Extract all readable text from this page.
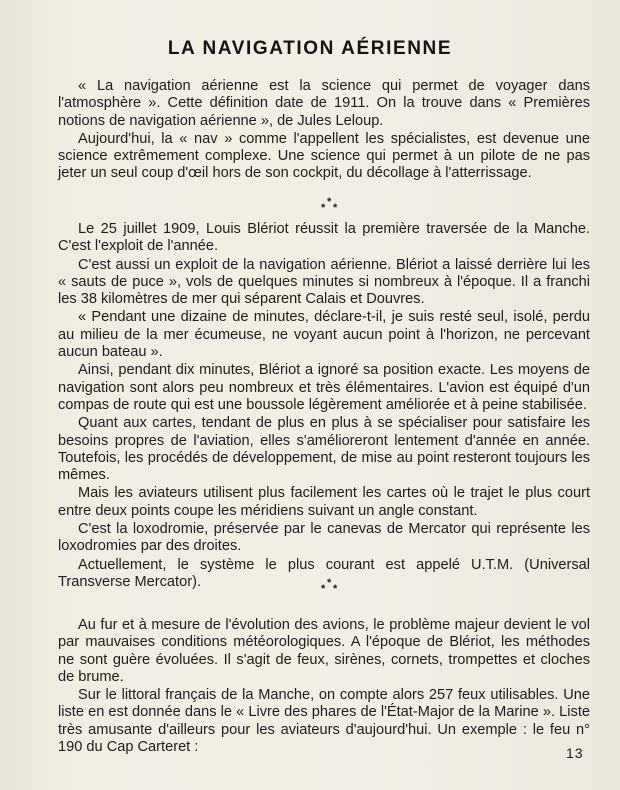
LA NAVIGATION AÉRIENNE

« La navigation aérienne est la science qui permet de voyager dans l'atmosphère ». Cette définition date de 1911. On la trouve dans « Premières notions de navigation aérienne », de Jules Leloup.

Aujourd'hui, la « nav » comme l'appellent les spécialistes, est devenue une science extrêmement complexe. Une science qui permet à un pilote de ne pas jeter un seul coup d'œil hors de son cockpit, du décollage à l'atterrissage.

*
* *

Le 25 juillet 1909, Louis Blériot réussit la première traversée de la Manche. C'est l'exploit de l'année.

C'est aussi un exploit de la navigation aérienne. Blériot a laissé derrière lui les « sauts de puce », vols de quelques minutes si nombreux à l'époque. Il a franchi les 38 kilomètres de mer qui séparent Calais et Douvres.

« Pendant une dizaine de minutes, déclare-t-il, je suis resté seul, isolé, perdu au milieu de la mer écumeuse, ne voyant aucun point à l'horizon, ne percevant aucun bateau ».

Ainsi, pendant dix minutes, Blériot a ignoré sa position exacte. Les moyens de navigation sont alors peu nombreux et très élémentaires. L'avion est équipé d'un compas de route qui est une boussole légèrement améliorée et à peine stabilisée.

Quant aux cartes, tendant de plus en plus à se spécialiser pour satisfaire les besoins propres de l'aviation, elles s'amélioreront lentement d'année en année. Toutefois, les procédés de développement, de mise au point resteront toujours les mêmes.

Mais les aviateurs utilisent plus facilement les cartes où le trajet le plus court entre deux points coupe les méridiens suivant un angle constant.

C'est la loxodromie, préservée par le canevas de Mercator qui représente les loxodromies par des droites.

Actuellement, le système le plus courant est appelé U.T.M. (Universal Transverse Mercator).	*
* *

Au fur et à mesure de l'évolution des avions, le problème majeur devient le vol par mauvaises conditions météorologiques. A l'époque de Blériot, les méthodes ne sont guère évoluées. Il s'agit de feux, sirènes, cornets, trompettes et cloches de brume.

Sur le littoral français de la Manche, on compte alors 257 feux utilisables. Une liste en est donnée dans le « Livre des phares de l'État-Major de la Marine ». Liste très amusante d'ailleurs pour les aviateurs d'aujourd'hui. Un exemple : le feu n° 190 du Cap Carteret :	13
